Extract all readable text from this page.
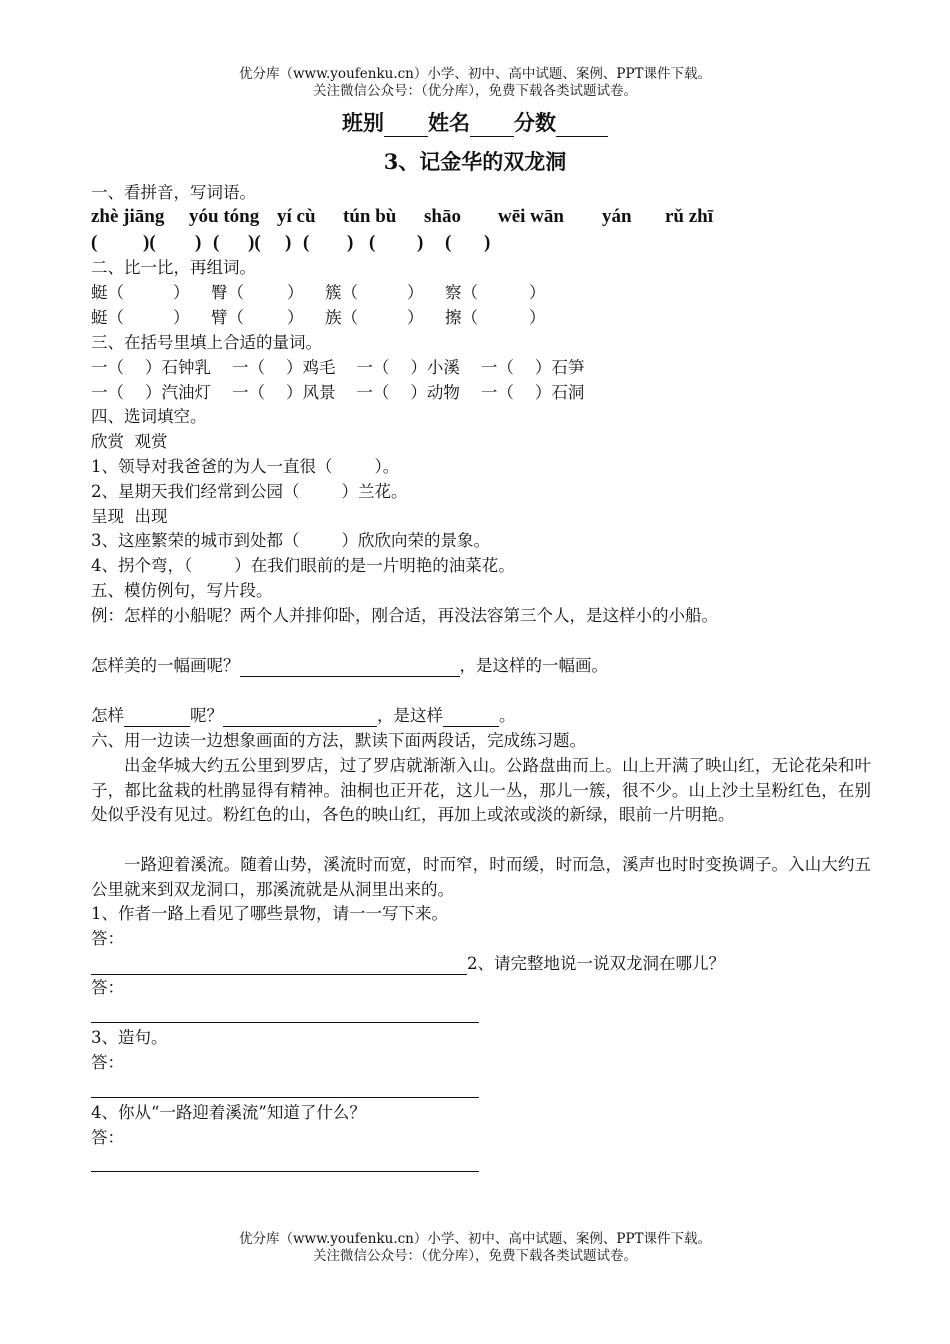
优分库（www.youfenku.cn）小学、初中、高中试题、案例、PPT课件下载。
关注微信公众号：（优分库），免费下载各类试题试卷。
班别 姓名 分数
3、记金华的双龙洞
一、看拼音，写词语。
zhè jiāng yóu tóng yí cù tún bù shāo wēi wān yán rǔ zhī
( )( ) ( )( ) ( ) ( ) ( )
二、比一比，再组词。
蜓（	） 臀（	） 簇（	） 察（	）
蜓（	） 臂（	） 族（	） 擦（	）
三、在括号里填上合适的量词。
一（    ）石钟乳    一（    ）鸡毛    一（    ）小溪    一（    ）石笋
一（    ）汽油灯    一（    ）风景    一（    ）动物    一（    ）石洞
四、选词填空。
欣赏  观赏
1、领导对我爸爸的为人一直很（        ）。
2、星期天我们经常到公园（        ）兰花。
呈现  出现
3、这座繁荣的城市到处都（        ）欣欣向荣的景象。
4、拐个弯，（        ）在我们眼前的是一片明艳的油菜花。
五、模仿例句，写片段。
例：怎样的小船呢？两个人并排仰卧，刚合适，再没法容第三个人，是这样小的小船。
怎样美的一幅画呢？	，是这样的一幅画。
怎样	呢？	，是这样	。
六、用一边读一边想象画面的方法，默读下面两段话，完成练习题。
出金华城大约五公里到罗店，过了罗店就渐渐入山。公路盘曲而上。山上开满了映山红，无论花朵和叶子，都比盆栽的杜鹃显得有精神。油桐也正开花，这儿一丛，那儿一簇，很不少。山上沙土呈粉红色，在别处似乎没有见过。粉红色的山，各色的映山红，再加上或浓或淡的新绿，眼前一片明艳。
一路迎着溪流。随着山势，溪流时而宽，时而窄，时而缓，时而急，溪声也时时变换调子。入山大约五公里就来到双龙洞口，那溪流就是从洞里出来的。
1、作者一路上看见了哪些景物，请一一写下来。
答：
2、请完整地说一说双龙洞在哪儿？
答：
3、造句。
答：
4、你从“一路迎着溪流”知道了什么？
答：
优分库（www.youfenku.cn）小学、初中、高中试题、案例、PPT课件下载。
关注微信公众号：（优分库），免费下载各类试题试卷。
